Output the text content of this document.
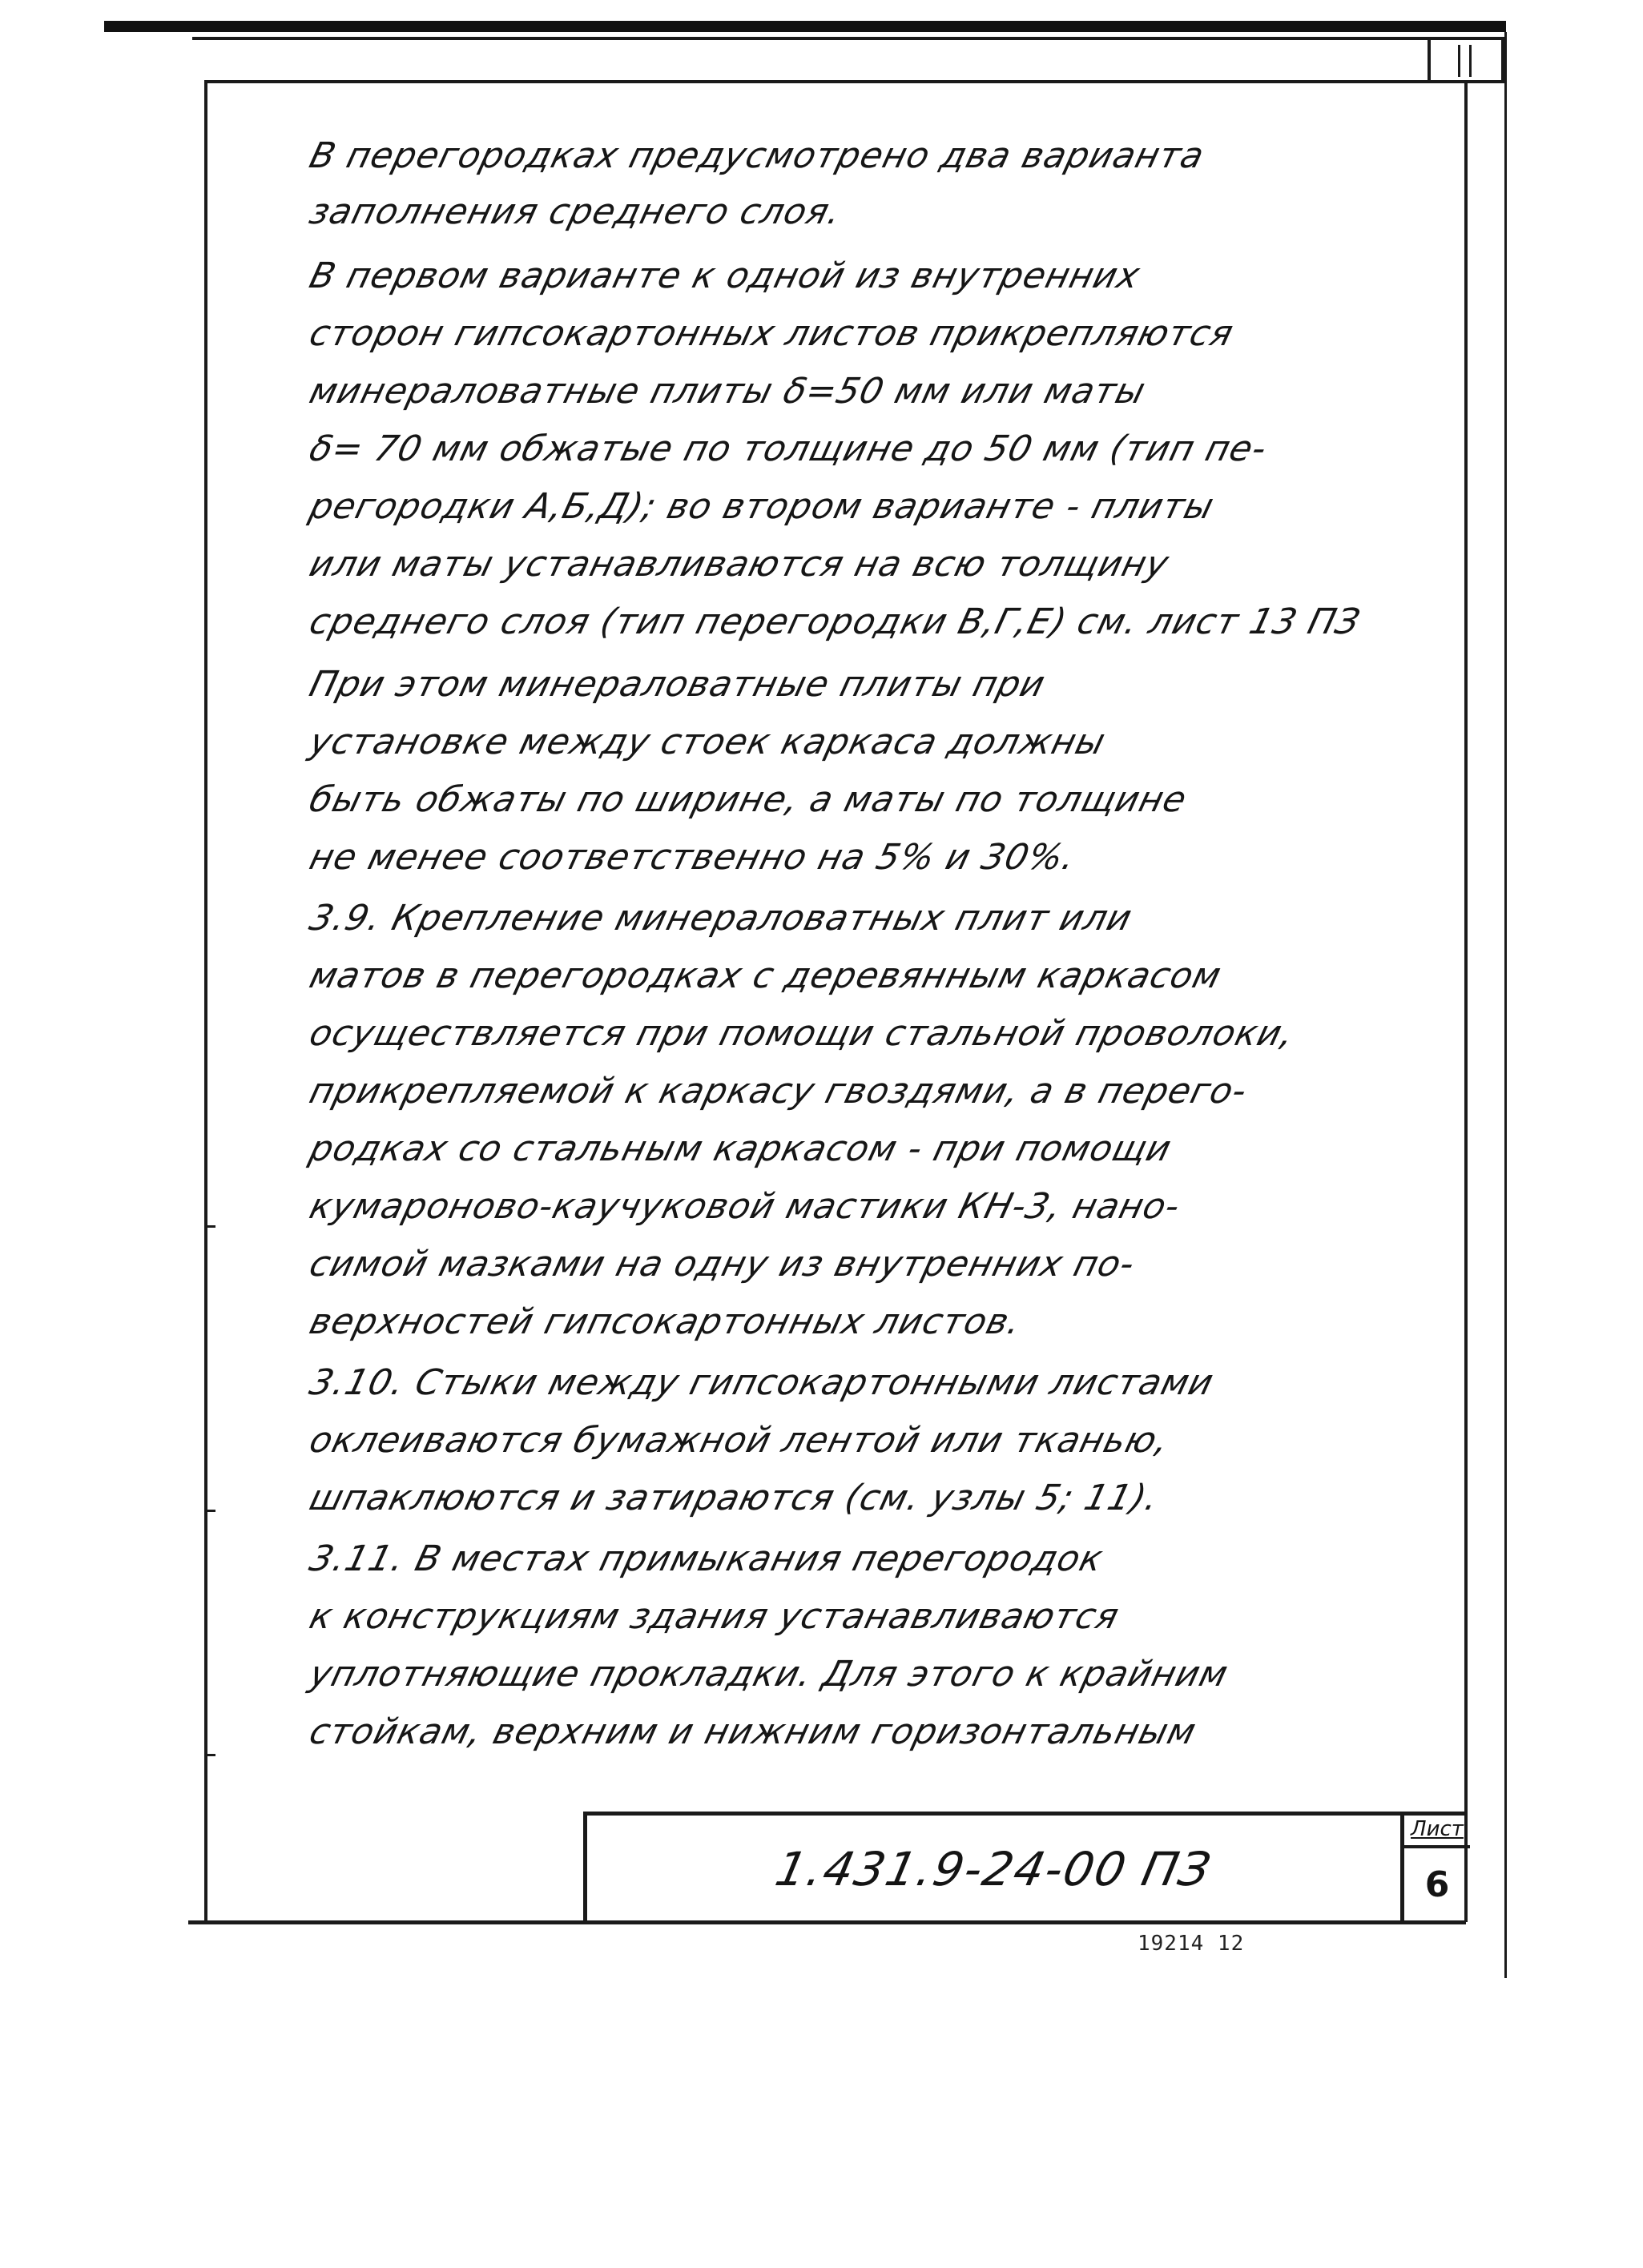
В перегородках предусмотрено два варианта
заполнения среднего слоя.
В первом варианте к одной из внутренних
сторон гипсокартонных листов прикрепляются
минераловатные плиты δ=50 мм или маты
δ= 70 мм обжатые по толщине до 50 мм (тип пе-
регородки А,Б,Д); во втором варианте - плиты
или маты устанавливаются на всю толщину
среднего слоя (тип перегородки В,Г,Е) см. лист 13 ПЗ
При этом минераловатные плиты при
установке между стоек каркаса должны
быть обжаты по ширине, а маты по толщине
не менее соответственно на 5% и 30%.
3.9. Крепление минераловатных плит или
матов в перегородках с деревянным каркасом
осуществляется при помощи стальной проволоки,
прикрепляемой к каркасу гвоздями, а в перего-
родках со стальным каркасом - при помощи
кумароново-каучуковой мастики КН-3, нано-
симой мазками на одну из внутренних по-
верхностей гипсокартонных листов.
3.10. Стыки между гипсокартонными листами
оклеиваются бумажной лентой или тканью,
шпаклюются и затираются (см. узлы 5; 11).
3.11. В местах примыкания перегородок
к конструкциям здания устанавливаются
уплотняющие прокладки. Для этого к крайним
стойкам, верхним и нижним горизонтальным
1.431.9-24-00 ПЗ
Лист
6
19214 12
